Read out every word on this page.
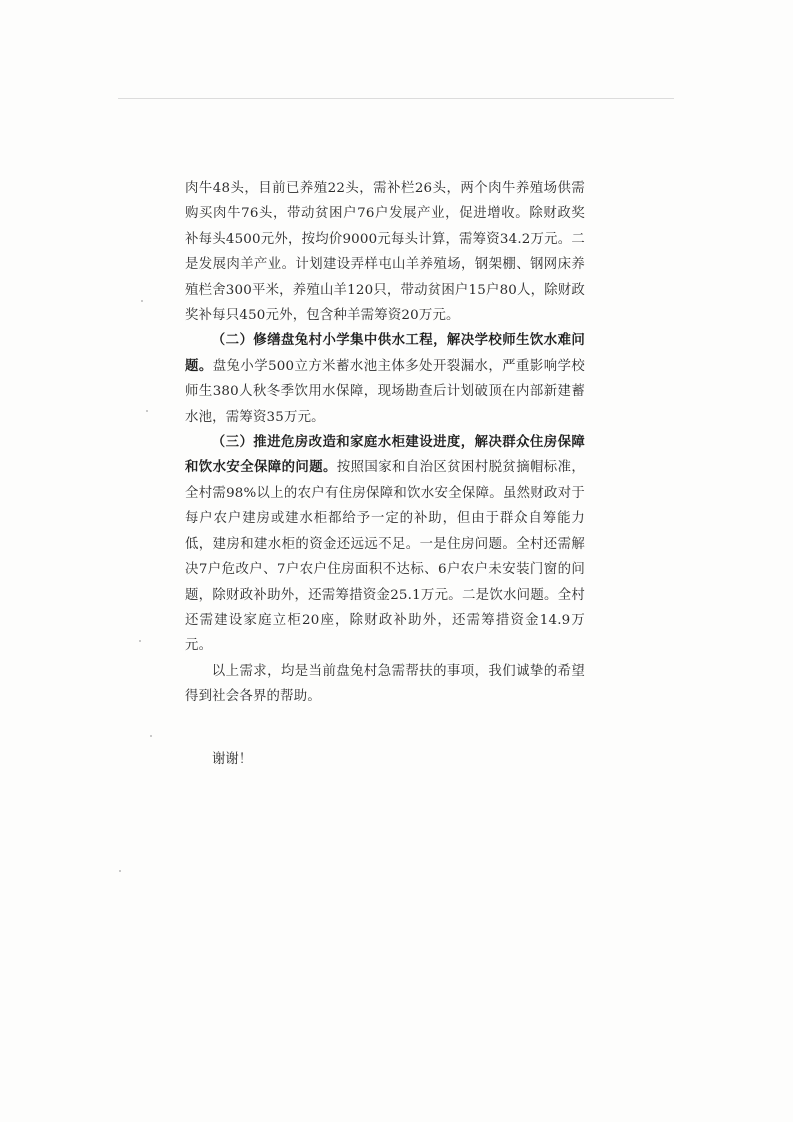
肉牛48头，目前已养殖22头，需补栏26头，两个肉牛养殖场供需购买肉牛76头，带动贫困户76户发展产业，促进增收。除财政奖补每头4500元外，按均价9000元每头计算，需筹资34.2万元。二是发展肉羊产业。计划建设弄样屯山羊养殖场，钢架棚、钢网床养殖栏舍300平米，养殖山羊120只，带动贫困户15户80人，除财政奖补每只450元外，包含种羊需筹资20万元。

（二）修缮盘兔村小学集中供水工程，解决学校师生饮水难问题。盘兔小学500立方米蓄水池主体多处开裂漏水，严重影响学校师生380人秋冬季饮用水保障，现场勘查后计划破顶在内部新建蓄水池，需筹资35万元。

（三）推进危房改造和家庭水柜建设进度，解决群众住房保障和饮水安全保障的问题。按照国家和自治区贫困村脱贫摘帽标准，全村需98%以上的农户有住房保障和饮水安全保障。虽然财政对于每户农户建房或建水柜都给予一定的补助，但由于群众自筹能力低，建房和建水柜的资金还远远不足。一是住房问题。全村还需解决7户危改户、7户农户住房面积不达标、6户农户未安装门窗的问题，除财政补助外，还需筹措资金25.1万元。二是饮水问题。全村还需建设家庭立柜20座，除财政补助外，还需筹措资金14.9万元。

以上需求，均是当前盘兔村急需帮扶的事项，我们诚挚的希望得到社会各界的帮助。

谢谢！
